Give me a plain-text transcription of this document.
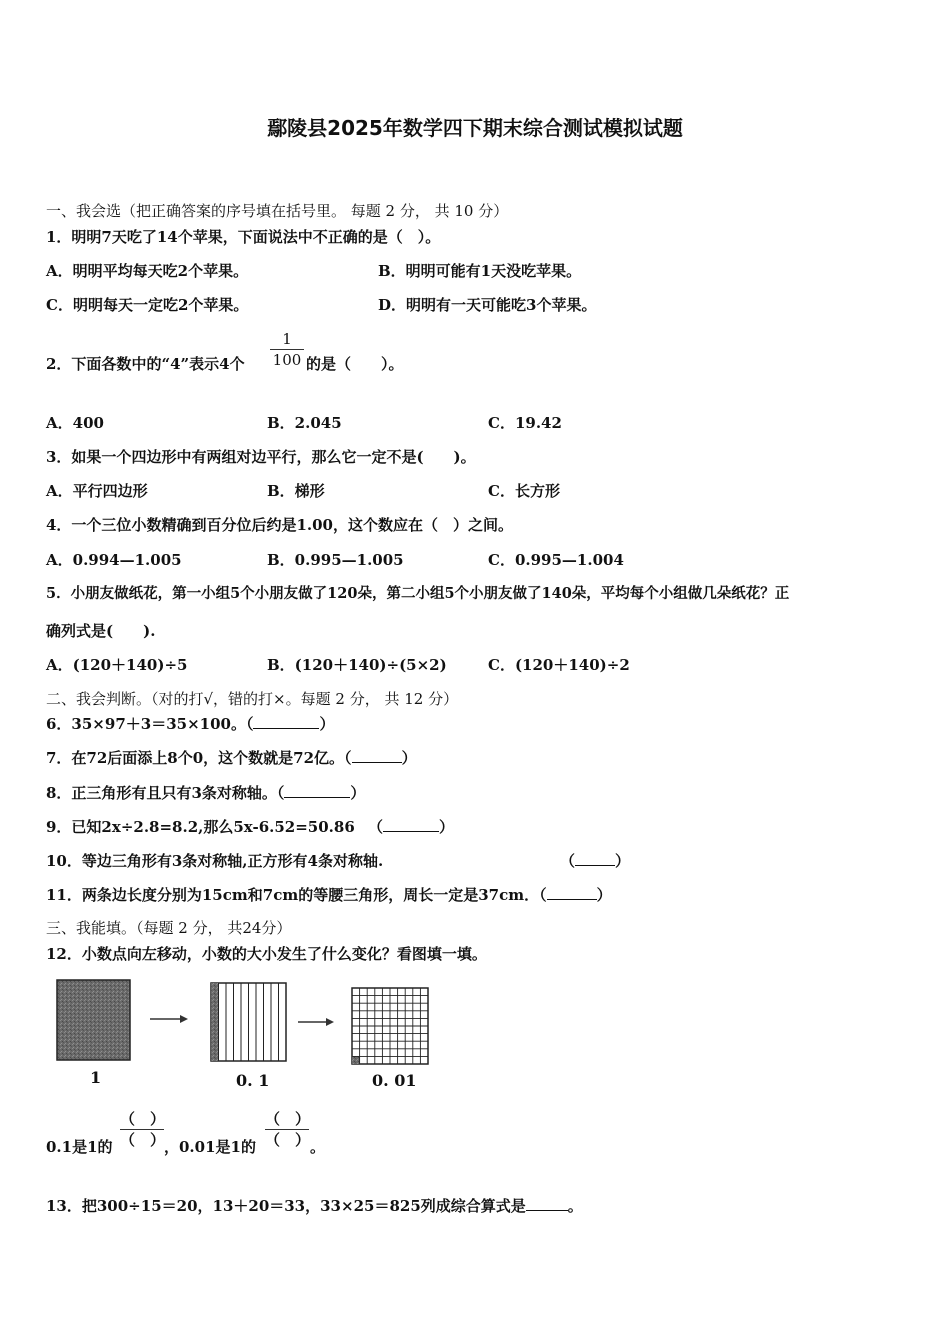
鄢陵县2025年数学四下期末综合测试模拟试题
一、我会选（把正确答案的序号填在括号里。 每题 2 分， 共 10 分）
1．明明7天吃了14个苹果，下面说法中不正确的是（　）。
A．明明平均每天吃2个苹果。	B．明明可能有1天没吃苹果。
C．明明每天一定吃2个苹果。	D．明明有一天可能吃3个苹果。
2．下面各数中的“4”表示4个
1
100 的是（　　）。
A．400	B．2.045	C．19.42
3．如果一个四边形中有两组对边平行，那么它一定不是(　　)。
A．平行四边形	B．梯形	C．长方形
4．一个三位小数精确到百分位后约是1.00，这个数应在（　）之间。
A．0.994—1.005	B．0.995—1.005	C．0.995—1.004
5．小朋友做纸花，第一小组5个小朋友做了120朵，第二小组5个小朋友做了140朵，平均每个小组做几朵纸花？正
确列式是(　　).
A．(120＋140)÷5	B．(120＋140)÷(5×2)	C．(120＋140)÷2
二、我会判断。（对的打√，错的打×。每题 2 分， 共 12 分）
6．35×97＋3＝35×100。（	）
7．在72后面添上8个0，这个数就是72亿。（	）
8．正三角形有且只有3条对称轴。（	）
9．已知2x÷2.8=8.2,那么5x-6.52=50.86 （	）
10．等边三角形有3条对称轴,正方形有4条对称轴.	（	）
11．两条边长度分别为15cm和7cm的等腰三角形，周长一定是37cm．（	）
三、我能填。（每题 2 分， 共24分）
12．小数点向左移动，小数的大小发生了什么变化？看图填一填。
1	0. 1	0. 01
0.1是1的
（　）
（　）
，0.01是1的
（　）
（　） 。
13．把300÷15＝20，13＋20＝33，33×25＝825列成综合算式是	。
